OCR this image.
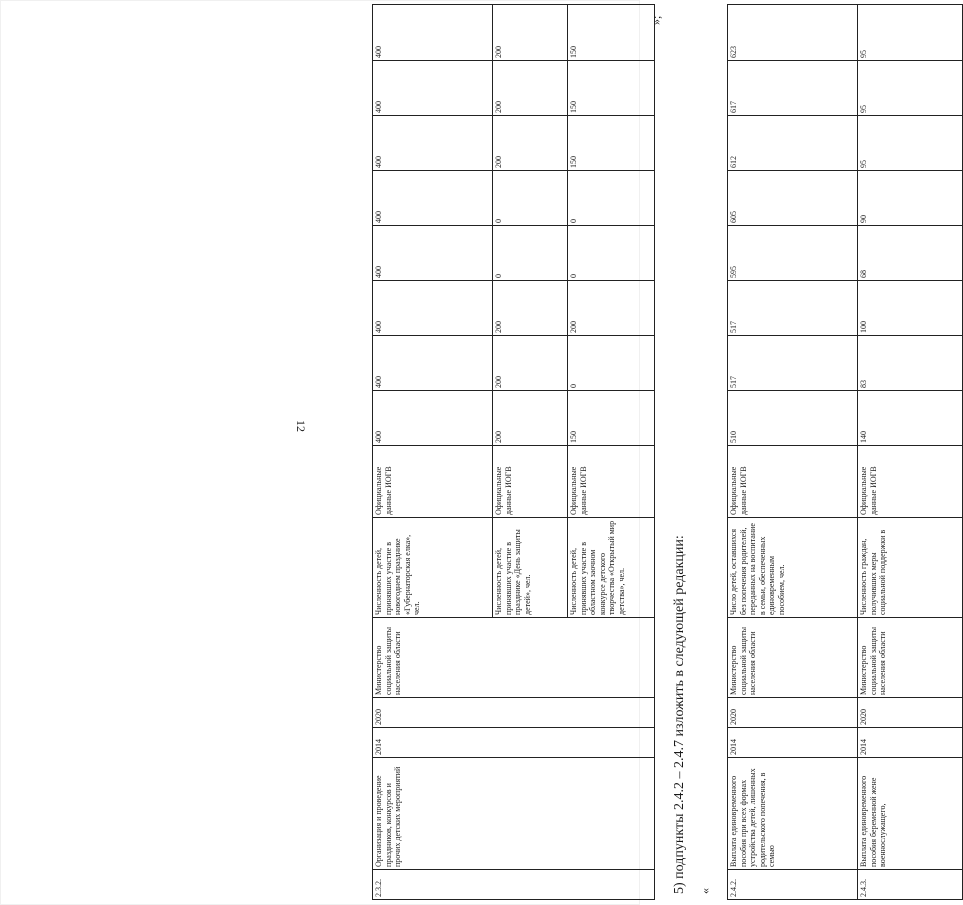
12
2.3.2.	Организация и проведение праздников, конкурсов и прочих детских мероприятий	2014	2020	Министерство социальной защиты населения области	Численность детей, принявших участие в новогоднем празднике «Губернаторская елка», чел.	Официальные данные ИОГВ	400	400	400	400	400	400	400	400
					Численность детей, принявших участие в празднике «День защиты детей», чел.	Официальные данные ИОГВ	200	200	200	0	0	200	200	200
					Численность детей, принявших участие в областном заочном конкурсе детского творчества «Открытый мир детства», чел.	Официальные данные ИОГВ	150	0	200	0	0	150	150	150
»;
5) подпункты 2.4.2 – 2.4.7 изложить в следующей редакции: « 2.4.2.	Выплата единовременного пособия при всех формах устройства детей, лишенных родительского попечения, в семью	2014	2020	Министерство социальной защиты населения области	Число детей, оставшихся без попечения родителей, переданных на воспитание в семьи, обеспеченных единовременным пособием, чел.	Официальные данные ИОГВ	510	517	517	595	605	612	617	623
2.4.3.	Выплата единовременного пособия беременной жене военнослужащего,	2014	2020	Министерство социальной защиты населения области	Численность граждан, получивших меры социальной поддержки в	Официальные данные ИОГВ	140	83	100	68	90	95	95	95
